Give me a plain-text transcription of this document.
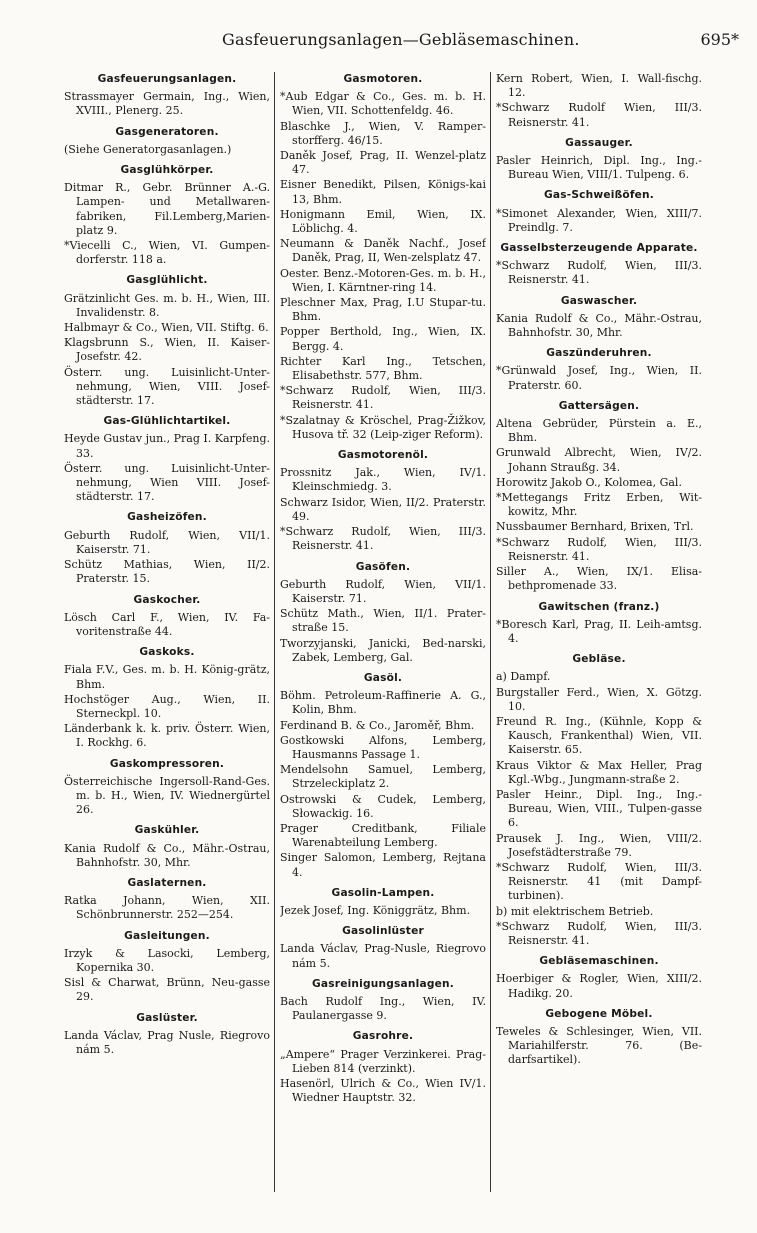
Gasfeuerungsanlagen—Gebläsemaschinen.	695*
Gasfeuerungsanlagen.

Strassmayer Germain, Ing., Wien, XVIII., Plenerg. 25.

Gasgeneratoren.

(Siehe Generatorgasanlagen.)

Gasglühkörper.

Ditmar R., Gebr. Brünner A.-G. Lampen- und Metallwaren-fabriken, Fil.Lemberg,Marien-platz 9.

*Viecelli C., Wien, VI. Gumpen-dorferstr. 118 a.

Gasglühlicht.

Grätzinlicht Ges. m. b. H., Wien, III. Invalidenstr. 8.

Halbmayr & Co., Wien, VII. Stiftg. 6.

Klagsbrunn S., Wien, II. Kaiser-Josefstr. 42.

Österr. ung. Luisinlicht-Unter-nehmung, Wien, VIII. Josef-städterstr. 17.

Gas-Glühlichtartikel.

Heyde Gustav jun., Prag I. Karpfeng. 33.

Österr. ung. Luisinlicht-Unter-nehmung, Wien VIII. Josef-städterstr. 17.

Gasheizöfen.

Geburth Rudolf, Wien, VII/1. Kaiserstr. 71.

Schütz Mathias, Wien, II/2. Praterstr. 15.

Gaskocher.

Lösch Carl F., Wien, IV. Fa-voritenstraße 44.

Gaskoks.

Fiala F.V., Ges. m. b. H. König-grätz, Bhm.

Hochstöger Aug., Wien, II. Sterneckpl. 10.

Länderbank k. k. priv. Österr. Wien, I. Rockhg. 6.

Gaskompressoren.

Österreichische Ingersoll-Rand-Ges. m. b. H., Wien, IV. Wiednergürtel 26.

Gaskühler.

Kania Rudolf & Co., Mähr.-Ostrau, Bahnhofstr. 30, Mhr.

Gaslaternen.

Ratka Johann, Wien, XII. Schönbrunnerstr. 252—254.

Gasleitungen.

Irzyk & Lasocki, Lemberg, Kopernika 30.

Sisl & Charwat, Brünn, Neu-gasse 29.

Gaslüster.

Landa Václav, Prag Nusle, Riegrovo nám 5.

Gasmotoren.

*Aub Edgar & Co., Ges. m. b. H. Wien, VII. Schottenfeldg. 46.

Blaschke J., Wien, V. Ramper-storfferg. 46/15.

Daněk Josef, Prag, II. Wenzel-platz 47.

Eisner Benedikt, Pilsen, Königs-kai 13, Bhm.

Honigmann Emil, Wien, IX. Löblichg. 4.

Neumann & Daněk Nachf., Josef Daněk, Prag, II, Wen-zelsplatz 47.

Oester. Benz.-Motoren-Ges. m. b. H., Wien, I. Kärntner-ring 14.

Pleschner Max, Prag, I.U Stupar-tu. Bhm.

Popper Berthold, Ing., Wien, IX. Bergg. 4.

Richter Karl Ing., Tetschen, Elisabethstr. 577, Bhm.

*Schwarz Rudolf, Wien, III/3. Reisnerstr. 41.

*Szalatnay & Kröschel, Prag-Žižkov, Husova tř. 32 (Leip-ziger Reform).

Gasmotorenöl.

Prossnitz Jak., Wien, IV/1. Kleinschmiedg. 3.

Schwarz Isidor, Wien, II/2. Praterstr. 49.

*Schwarz Rudolf, Wien, III/3. Reisnerstr. 41.

Gasöfen.

Geburth Rudolf, Wien, VII/1. Kaiserstr. 71.

Schütz Math., Wien, II/1. Prater-straße 15.

Tworzyjanski, Janicki, Bed-narski, Zabek, Lemberg, Gal.

Gasöl.

Böhm. Petroleum-Raffinerie A. G., Kolin, Bhm.

Ferdinand B. & Co., Jaroměř, Bhm.

Gostkowski Alfons, Lemberg, Hausmanns Passage 1.

Mendelsohn Samuel, Lemberg, Strzeleckiplatz 2.

Ostrowski & Cudek, Lemberg, Słowackig. 16.

Prager Creditbank, Filiale Warenabteilung Lemberg.

Singer Salomon, Lemberg, Rejtana 4.

Gasolin-Lampen.

Jezek Josef, Ing. Königgrätz, Bhm.

Gasolinlüster

Landa Václav, Prag-Nusle, Riegrovo nám 5.

Gasreinigungsanlagen.

Bach Rudolf Ing., Wien, IV. Paulanergasse 9.

Gasrohre.

„Ampere“ Prager Verzinkerei. Prag-Lieben 814 (verzinkt).

Hasenörl, Ulrich & Co., Wien IV/1. Wiedner Hauptstr. 32.

Kern Robert, Wien, I. Wall-fischg. 12.

*Schwarz Rudolf Wien, III/3. Reisnerstr. 41.

Gassauger.

Pasler Heinrich, Dipl. Ing., Ing.-Bureau Wien, VIII/1. Tulpeng. 6.

Gas-Schweißöfen.

*Simonet Alexander, Wien, XIII/7. Preindlg. 7.

Gasselbsterzeugende Apparate.

*Schwarz Rudolf, Wien, III/3. Reisnerstr. 41.

Gaswascher.

Kania Rudolf & Co., Mähr.-Ostrau, Bahnhofstr. 30, Mhr.

Gaszünderuhren.

*Grünwald Josef, Ing., Wien, II. Praterstr. 60.

Gattersägen.

Altena Gebrüder, Pürstein a. E., Bhm.

Grunwald Albrecht, Wien, IV/2. Johann Straußg. 34.

Horowitz Jakob O., Kolomea, Gal.

*Mettegangs Fritz Erben, Wit-kowitz, Mhr.

Nussbaumer Bernhard, Brixen, Trl.

*Schwarz Rudolf, Wien, III/3. Reisnerstr. 41.

Siller A., Wien, IX/1. Elisa-bethpromenade 33.

Gawitschen (franz.)

*Boresch Karl, Prag, II. Leih-amtsg. 4.

Gebläse.

a) Dampf.

Burgstaller Ferd., Wien, X. Götzg. 10.

Freund R. Ing., (Kühnle, Kopp & Kausch, Frankenthal) Wien, VII. Kaiserstr. 65.

Kraus Viktor & Max Heller, Prag Kgl.-Wbg., Jungmann-straße 2.

Pasler Heinr., Dipl. Ing., Ing.-Bureau, Wien, VIII., Tulpen-gasse 6.

Prausek J. Ing., Wien, VIII/2. Josefstädterstraße 79.

*Schwarz Rudolf, Wien, III/3. Reisnerstr. 41 (mit Dampf-turbinen).

b) mit elektrischem Betrieb.

*Schwarz Rudolf, Wien, III/3. Reisnerstr. 41.

Gebläsemaschinen.

Hoerbiger & Rogler, Wien, XIII/2. Hadikg. 20.

Gebogene Möbel.

Teweles & Schlesinger, Wien, VII. Mariahilferstr. 76. (Be-darfsartikel).
